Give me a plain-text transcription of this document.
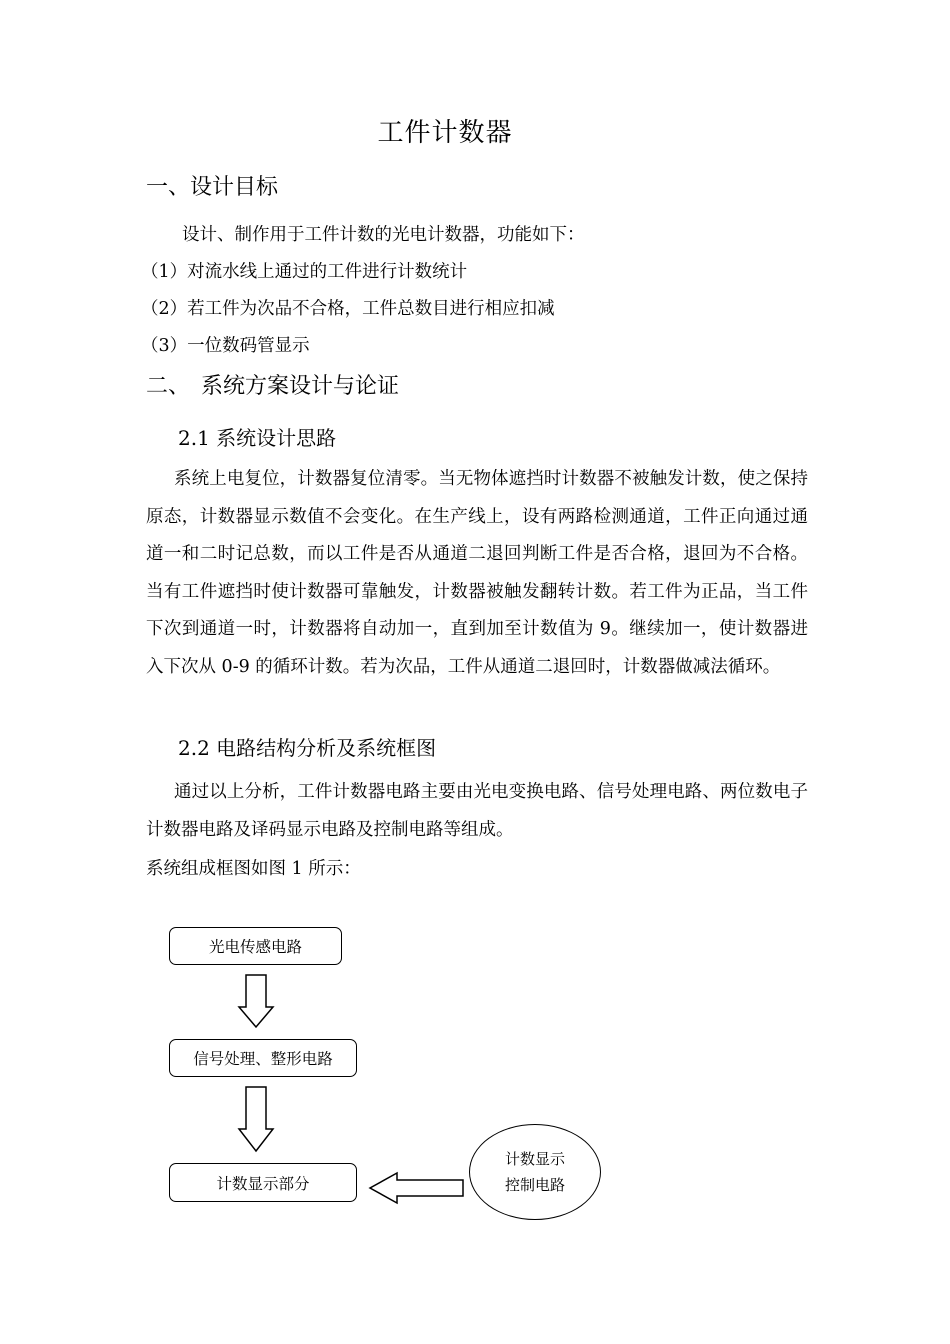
工件计数器
一、设计目标
设计、制作用于工件计数的光电计数器，功能如下：
（1）对流水线上通过的工件进行计数统计
（2）若工件为次品不合格，工件总数目进行相应扣减
（3）一位数码管显示
二、　系统方案设计与论证
2.1 系统设计思路
系统上电复位，计数器复位清零。当无物体遮挡时计数器不被触发计数，使之保持原态，计数器显示数值不会变化。在生产线上，设有两路检测通道，工件正向通过通道一和二时记总数，而以工件是否从通道二退回判断工件是否合格，退回为不合格。当有工件遮挡时使计数器可靠触发，计数器被触发翻转计数。若工件为正品，当工件下次到通道一时，计数器将自动加一，直到加至计数值为 9。继续加一，使计数器进入下次从 0-9 的循环计数。若为次品，工件从通道二退回时，计数器做减法循环。
2.2 电路结构分析及系统框图
通过以上分析，工件计数器电路主要由光电变换电路、信号处理电路、两位数电子计数器电路及译码显示电路及控制电路等组成。
系统组成框图如图 1 所示：
光电传感电路
信号处理、整形电路
计数显示部分
计数显示
控制电路
